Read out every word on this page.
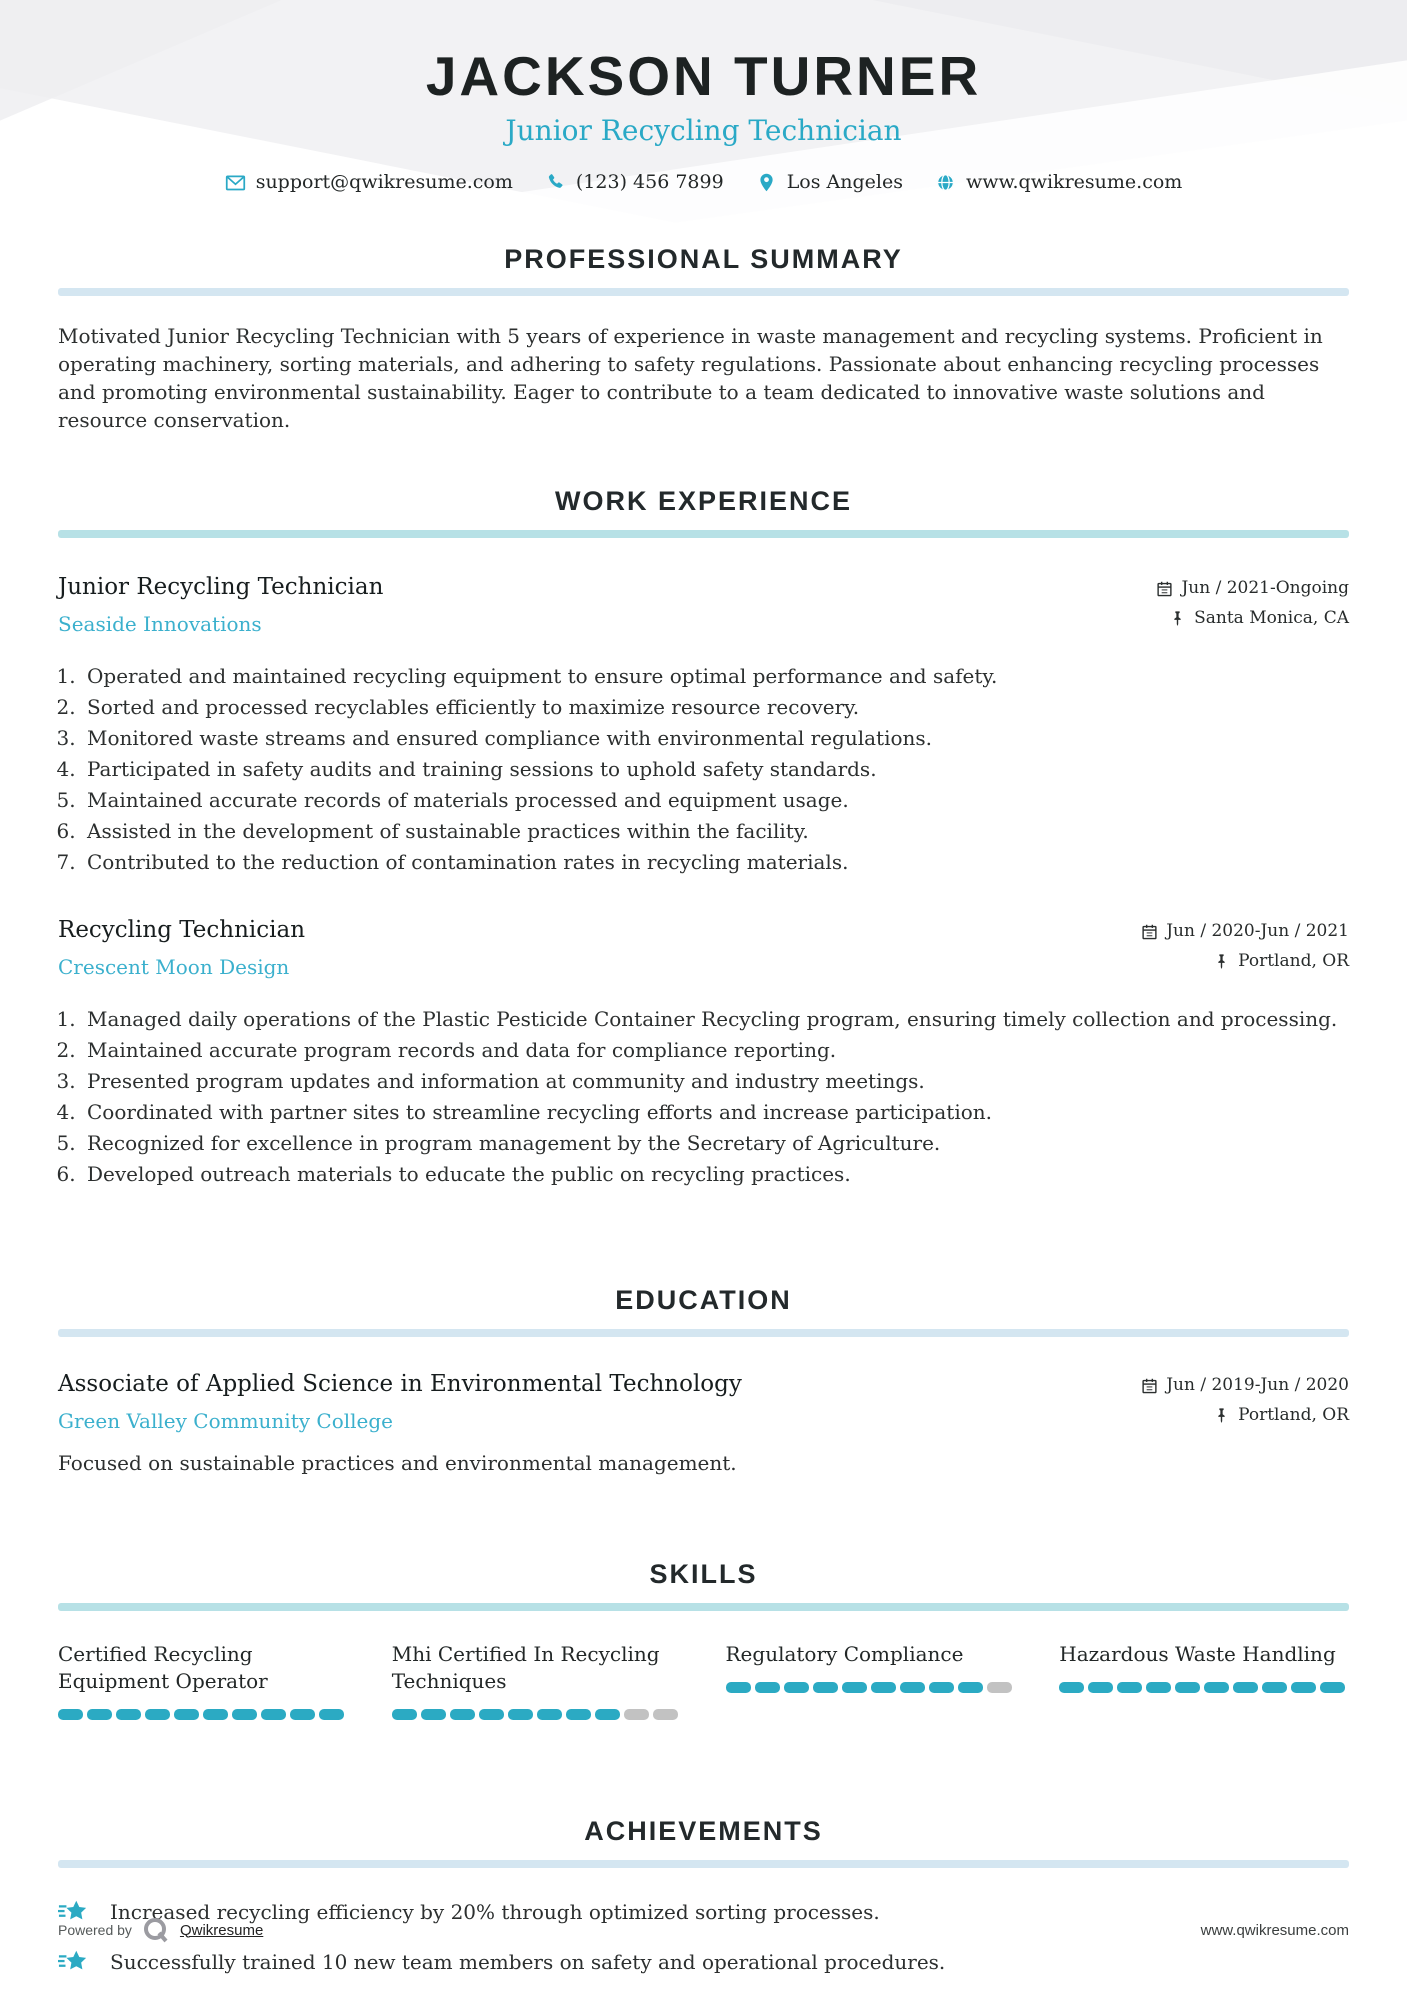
JACKSON TURNER
Junior Recycling Technician
support@qwikresume.com	(123) 456 7899	Los Angeles	www.qwikresume.com
PROFESSIONAL SUMMARY

Motivated Junior Recycling Technician with 5 years of experience in waste management and recycling systems. Proficient in operating machinery, sorting materials, and adhering to safety regulations. Passionate about enhancing recycling processes and promoting environmental sustainability. Eager to contribute to a team dedicated to innovative waste solutions and resource conservation.

WORK EXPERIENCE
Junior Recycling Technician
Seaside Innovations
Jun / 2021-Ongoing
Santa Monica, CA
1. Operated and maintained recycling equipment to ensure optimal performance and safety.
2. Sorted and processed recyclables efficiently to maximize resource recovery.
3. Monitored waste streams and ensured compliance with environmental regulations.
4. Participated in safety audits and training sessions to uphold safety standards.
5. Maintained accurate records of materials processed and equipment usage.
6. Assisted in the development of sustainable practices within the facility.
7. Contributed to the reduction of contamination rates in recycling materials.
Recycling Technician
Crescent Moon Design
Jun / 2020-Jun / 2021
Portland, OR
1. Managed daily operations of the Plastic Pesticide Container Recycling program, ensuring timely collection and processing.
2. Maintained accurate program records and data for compliance reporting.
3. Presented program updates and information at community and industry meetings.
4. Coordinated with partner sites to streamline recycling efforts and increase participation.
5. Recognized for excellence in program management by the Secretary of Agriculture.
6. Developed outreach materials to educate the public on recycling practices.
EDUCATION
Associate of Applied Science in Environmental Technology
Green Valley Community College
Jun / 2019-Jun / 2020
Portland, OR
Focused on sustainable practices and environmental management.
SKILLS
Certified Recycling Equipment Operator
Mhi Certified In Recycling Techniques
Regulatory Compliance	Hazardous Waste Handling
ACHIEVEMENTS
Increased recycling efficiency by 20% through optimized sorting processes.
Successfully trained 10 new team members on safety and operational procedures.
Powered by	Qwikresume	www.qwikresume.com
